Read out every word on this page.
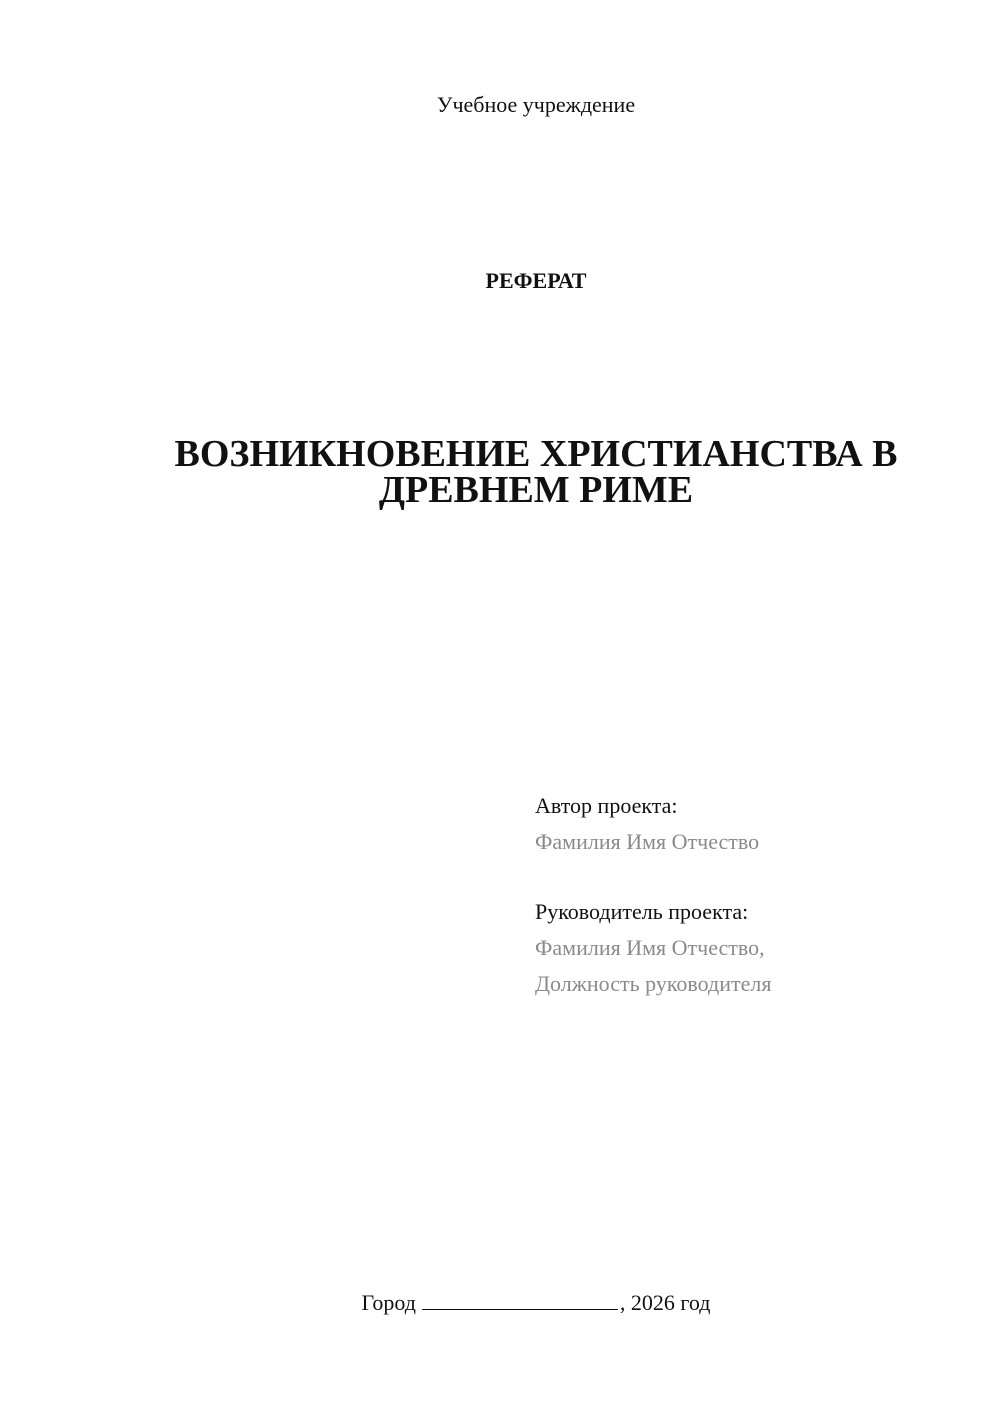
Учебное учреждение
РЕФЕРАТ
ВОЗНИКНОВЕНИЕ ХРИСТИАНСТВА В
ДРЕВНЕМ РИМЕ
Автор проекта:
Фамилия Имя Отчество
Руководитель проекта:
Фамилия Имя Отчество,
Должность руководителя
Город	, 2026 год
